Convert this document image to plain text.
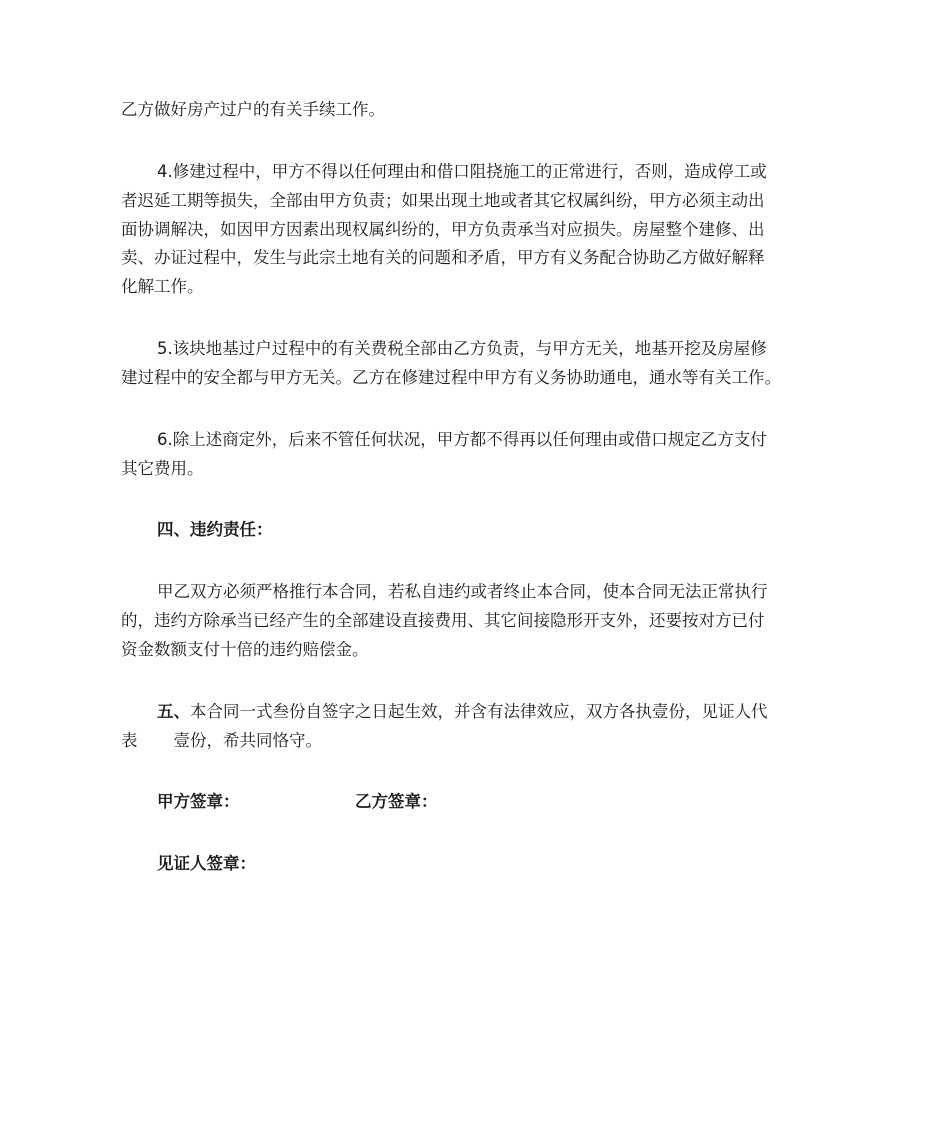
乙方做好房产过户的有关手续工作。
4.修建过程中，甲方不得以任何理由和借口阻挠施工的正常进行，否则，造成停工或
者迟延工期等损失，全部由甲方负责；如果出现土地或者其它权属纠纷，甲方必须主动出
面协调解决，如因甲方因素出现权属纠纷的，甲方负责承当对应损失。房屋整个建修、出
卖、办证过程中，发生与此宗土地有关的问题和矛盾，甲方有义务配合协助乙方做好解释
化解工作。
5.该块地基过户过程中的有关费税全部由乙方负责，与甲方无关，地基开挖及房屋修
建过程中的安全都与甲方无关。乙方在修建过程中甲方有义务协助通电，通水等有关工作。
6.除上述商定外，后来不管任何状况，甲方都不得再以任何理由或借口规定乙方支付
其它费用。
四、违约责任：
甲乙双方必须严格推行本合同，若私自违约或者终止本合同，使本合同无法正常执行
的，违约方除承当已经产生的全部建设直接费用、其它间接隐形开支外，还要按对方已付
资金数额支付十倍的违约赔偿金。
五、本合同一式叁份自签字之日起生效，并含有法律效应，双方各执壹份，见证人代
表 壹份，希共同恪守。
甲方签章：	乙方签章：
见证人签章：
